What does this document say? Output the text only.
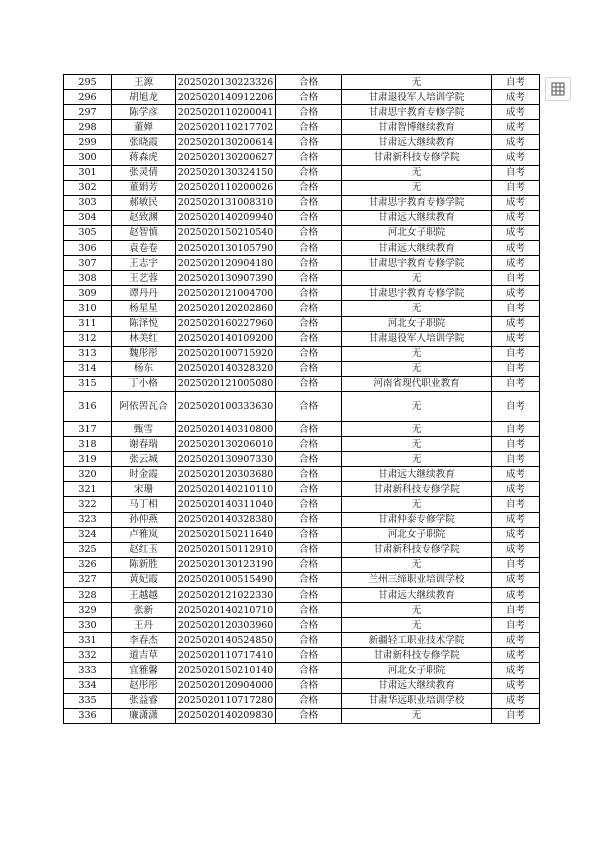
295	王源	2025020130223326	合格	无	自考
296	胡旭龙	2025020140912206	合格	甘肃退役军人培训学院	成考
297	陈学彦	2025020110200041	合格	甘肃思宇教育专修学院	成考
298	董婵	2025020110217702	合格	甘肃智博继续教育	成考
299	张晓霞	2025020130200614	合格	甘肃远大继续教育	成考
300	蒋森虎	2025020130200627	合格	甘肃新科技专修学院	成考
301	张灵倩	2025020130324150	合格	无	自考
302	董娟芳	2025020110200026	合格	无	自考
303	郝敏民	2025020131008310	合格	甘肃思宇教育专修学院	成考
304	赵致渊	2025020140209940	合格	甘肃远大继续教育	成考
305	赵智慎	2025020150210540	合格	河北女子职院	成考
306	袁卷卷	2025020130105790	合格	甘肃远大继续教育	成考
307	王志宇	2025020120904180	合格	甘肃思宇教育专修学院	成考
308	王艺蓉	2025020130907390	合格	无	自考
309	谭丹丹	2025020121004700	合格	甘肃思宇教育专修学院	成考
310	杨星星	2025020120202860	合格	无	自考
311	陈泽悦	2025020160227960	合格	河北女子职院	成考
312	林美红	2025020140109200	合格	甘肃退役军人培训学院	成考
313	魏彤彤	2025020100715920	合格	无	自考
314	杨东	2025020140328320	合格	无	自考
315	丁小格	2025020121005080	合格	河南省现代职业教育	自考
316	阿依罟瓦合	2025020100333630	合格	无	自考
317	甄雪	2025020140310800	合格	无	自考
318	谢春瑞	2025020130206010	合格	无	自考
319	张云城	2025020130907330	合格	无	自考
320	时金霞	2025020120303680	合格	甘肃远大继续教育	成考
321	宋珊	2025020140210110	合格	甘肃新科技专修学院	成考
322	马丁相	2025020140311040	合格	无	自考
323	孙仲燕	2025020140328380	合格	甘肃仲泰专修学院	成考
324	卢雅岚	2025020150211640	合格	河北女子职院	成考
325	赵红玉	2025020150112910	合格	甘肃新科技专修学院	成考
326	陈新胜	2025020130123190	合格	无	自考
327	黄妃霞	2025020100515490	合格	兰州三缔职业培训学校	成考
328	王越越	2025020121022330	合格	甘肃远大继续教育	成考
329	张新	2025020140210710	合格	无	自考
330	王丹	2025020120303960	合格	无	自考
331	李春杰	2025020140524850	合格	新疆轻工职业技术学院	成考
332	道吉草	2025020110717410	合格	甘肃新科技专修学院	成考
333	宜雅馨	2025020150210140	合格	河北女子职院	成考
334	赵彤彤	2025020120904000	合格	甘肃远大继续教育	成考
335	张益睿	2025020110717280	合格	甘肃华远职业培训学校	成考
336	廉潇潇	2025020140209830	合格	无	自考
